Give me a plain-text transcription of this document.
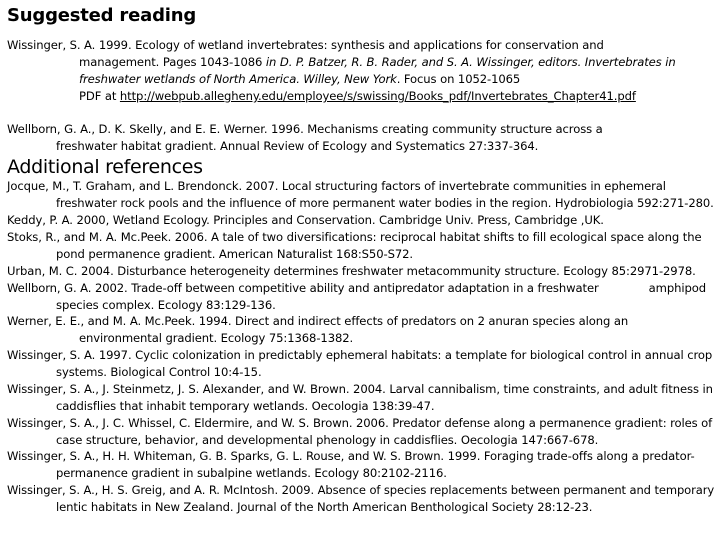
Suggested reading
Wissinger, S. A. 1999. Ecology of wetland invertebrates: synthesis and applications for conservation and
management. Pages 1043-1086 in D. P. Batzer, R. B. Rader, and S. A. Wissinger, editors. Invertebrates in
freshwater wetlands of North America. Willey, New York. Focus on 1052-1065
PDF at http://webpub.allegheny.edu/employee/s/swissing/Books_pdf/Invertebrates_Chapter41.pdf
Wellborn, G. A., D. K. Skelly, and E. E. Werner. 1996. Mechanisms creating community structure across a
freshwater habitat gradient. Annual Review of Ecology and Systematics 27:337-364.
Additional references
Jocque, M., T. Graham, and L. Brendonck. 2007. Local structuring factors of invertebrate communities in ephemeral
freshwater rock pools and the influence of more permanent water bodies in the region. Hydrobiologia 592:271-280.
Keddy, P. A. 2000, Wetland Ecology. Principles and Conservation. Cambridge Univ. Press, Cambridge ,UK.
Stoks, R., and M. A. Mc.Peek. 2006. A tale of two diversifications: reciprocal habitat shifts to fill ecological space along the
pond permanence gradient. American Naturalist 168:S50-S72.
Urban, M. C. 2004. Disturbance heterogeneity determines freshwater metacommunity structure. Ecology 85:2971-2978.
Wellborn, G. A. 2002. Trade-off between competitive ability and antipredator adaptation in a freshwater	amphipod
species complex. Ecology 83:129-136.
Werner, E. E., and M. A. Mc.Peek. 1994. Direct and indirect effects of predators on 2 anuran species along an
environmental gradient. Ecology 75:1368-1382.
Wissinger, S. A. 1997. Cyclic colonization in predictably ephemeral habitats: a template for biological control in annual crop
systems. Biological Control 10:4-15.
Wissinger, S. A., J. Steinmetz, J. S. Alexander, and W. Brown. 2004. Larval cannibalism, time constraints, and adult fitness in
caddisflies that inhabit temporary wetlands. Oecologia 138:39-47.
Wissinger, S. A., J. C. Whissel, C. Eldermire, and W. S. Brown. 2006. Predator defense along a permanence gradient: roles of
case structure, behavior, and developmental phenology in caddisflies. Oecologia 147:667-678.
Wissinger, S. A., H. H. Whiteman, G. B. Sparks, G. L. Rouse, and W. S. Brown. 1999. Foraging trade-offs along a predator-
permanence gradient in subalpine wetlands. Ecology 80:2102-2116.
Wissinger, S. A., H. S. Greig, and A. R. McIntosh. 2009. Absence of species replacements between permanent and temporary
lentic habitats in New Zealand. Journal of the North American Benthological Society 28:12-23.
